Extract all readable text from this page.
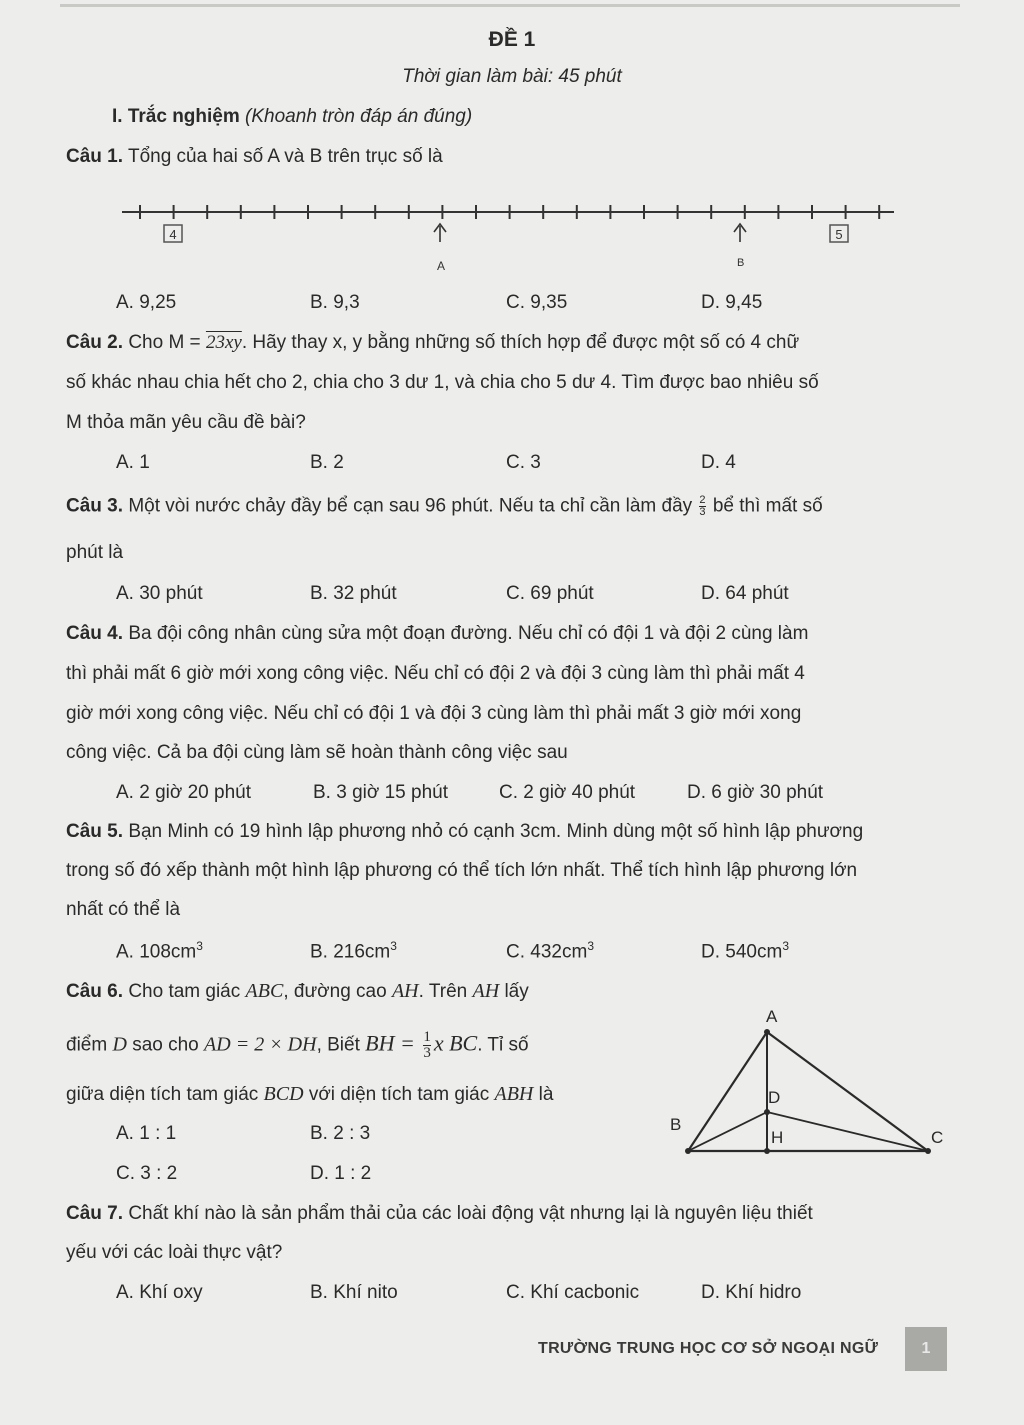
ĐỀ 1
Thời gian làm bài: 45 phút
I. Trắc nghiệm (Khoanh tròn đáp án đúng)
Câu 1. Tổng của hai số A và B trên trục số là
4	5
A	B
A. 9,25	B. 9,3	C. 9,35	D. 9,45
Câu 2. Cho M = 23xy. Hãy thay x, y bằng những số thích hợp để được một số có 4 chữ
số khác nhau chia hết cho 2, chia cho 3 dư 1, và chia cho 5 dư 4. Tìm được bao nhiêu số
M thỏa mãn yêu cầu đề bài?
A. 1	B. 2	C. 3	D. 4
Câu 3. Một vòi nước chảy đầy bể cạn sau 96 phút. Nếu ta chỉ cần làm đầy $\frac{2}{3}$ bể thì mất số
phút là
A. 30 phút	B. 32 phút	C. 69 phút	D. 64 phút
Câu 4. Ba đội công nhân cùng sửa một đoạn đường. Nếu chỉ có đội 1 và đội 2 cùng làm
thì phải mất 6 giờ mới xong công việc. Nếu chỉ có đội 2 và đội 3 cùng làm thì phải mất 4
giờ mới xong công việc. Nếu chỉ có đội 1 và đội 3 cùng làm thì phải mất 3 giờ mới xong
công việc. Cả ba đội cùng làm sẽ hoàn thành công việc sau
A. 2 giờ 20 phút	B. 3 giờ 15 phút	C. 2 giờ 40 phút	D. 6 giờ 30 phút
Câu 5. Bạn Minh có 19 hình lập phương nhỏ có cạnh 3cm. Minh dùng một số hình lập phương
trong số đó xếp thành một hình lập phương có thể tích lớn nhất. Thể tích hình lập phương lớn
nhất có thể là
A. $108cm^3$	B. $216cm^3$	C. $432cm^3$	D. $540cm^3$
Câu 6. Cho tam giác ABC, đường cao AH. Trên AH lấy
điểm D sao cho AD = 2 × DH, Biết BH = $\frac{1}{3}$ x BC. Tỉ số
giữa diện tích tam giác BCD với diện tích tam giác ABH là
A. 1 : 1	B. 2 : 3
C. 3 : 2	D. 1 : 2
A
D
H
B
C
Câu 7. Chất khí nào là sản phẩm thải của các loài động vật nhưng lại là nguyên liệu thiết
yếu với các loài thực vật?
A. Khí oxy	B. Khí nito	C. Khí cacbonic	D. Khí hidro
TRƯỜNG TRUNG HỌC CƠ SỞ NGOẠI NGỮ	1
